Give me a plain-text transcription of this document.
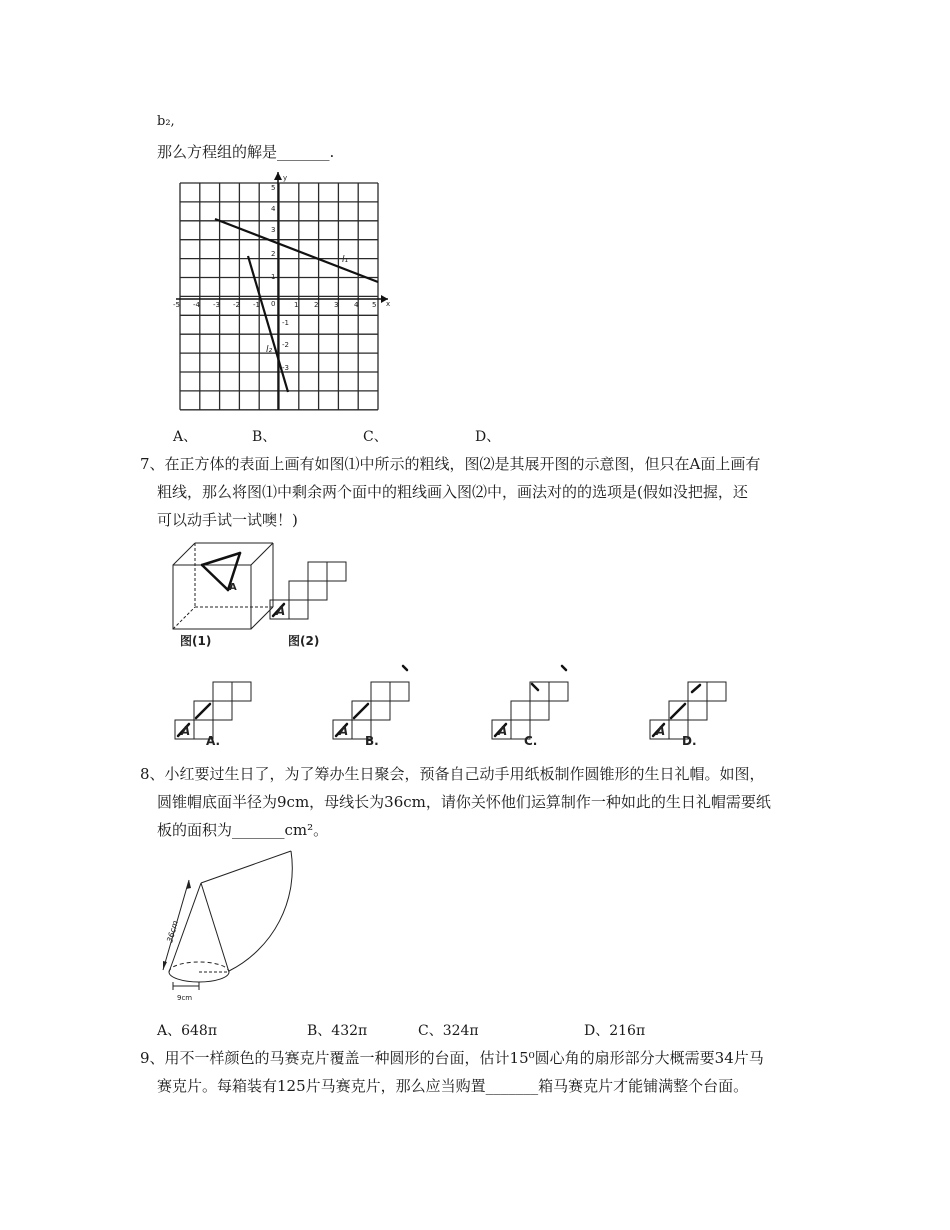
b₂,
那么方程组的解是_______.
x
y
0
-5 -4 -3 -2 -1	1 2 3 4 5
5
4
3
2
1
-1
-2
-3
l₁
l₂
A、	B、	C、	D、
7、在正方体的表面上画有如图⑴中所示的粗线，图⑵是其展开图的示意图，但只在A面上画有
粗线，那么将图⑴中剩余两个面中的粗线画入图⑵中，画法对的的选项是(假如没把握，还
可以动手试一试噢！)
A
图(1)	图(2)
A
A	A	A	A
A.	B.	C.	D.
8、小红要过生日了，为了筹办生日聚会，预备自己动手用纸板制作圆锥形的生日礼帽。如图，
圆锥帽底面半径为9cm，母线长为36cm，请你关怀他们运算制作一种如此的生日礼帽需要纸
板的面积为_______cm²。
36cm
9cm
A、648π	B、432π	C、324π	D、216π
9、用不一样颜色的马赛克片覆盖一种圆形的台面，估计15⁰圆心角的扇形部分大概需要34片马
赛克片。每箱装有125片马赛克片，那么应当购置_______箱马赛克片才能铺满整个台面。
